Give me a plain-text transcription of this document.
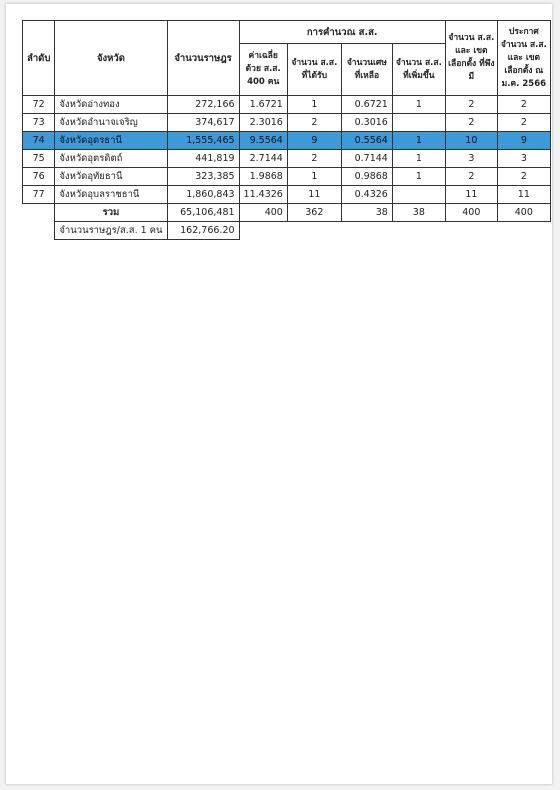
ลำดับ	จังหวัด	จำนวนราษฎร	การคำนวณ ส.ส.				จำนวน ส.ส. และ เขตเลือกตั้ง ที่พึงมี	ประกาศ จำนวน ส.ส. และ เขตเลือกตั้ง ณ ม.ค. 2566
			ค่าเฉลี่ย ด้วย ส.ส. 400 คน	จำนวน ส.ส. ที่ได้รับ	จำนวนเศษ ที่เหลือ	จำนวน ส.ส. ที่เพิ่มขึ้น		
72	จังหวัดอ่างทอง	272,166	1.6721	1	0.6721	1	2	2
73	จังหวัดอำนาจเจริญ	374,617	2.3016	2	0.3016		2	2
74	จังหวัดอุดรธานี	1,555,465	9.5564	9	0.5564	1	10	9
75	จังหวัดอุตรดิตถ์	441,819	2.7144	2	0.7144	1	3	3
76	จังหวัดอุทัยธานี	323,385	1.9868	1	0.9868	1	2	2
77	จังหวัดอุบลราชธานี	1,860,843	11.4326	11	0.4326		11	11
	รวม	65,106,481	400	362	38	38	400	400
	จำนวนราษฎร/ส.ส. 1 คน	162,766.20						
